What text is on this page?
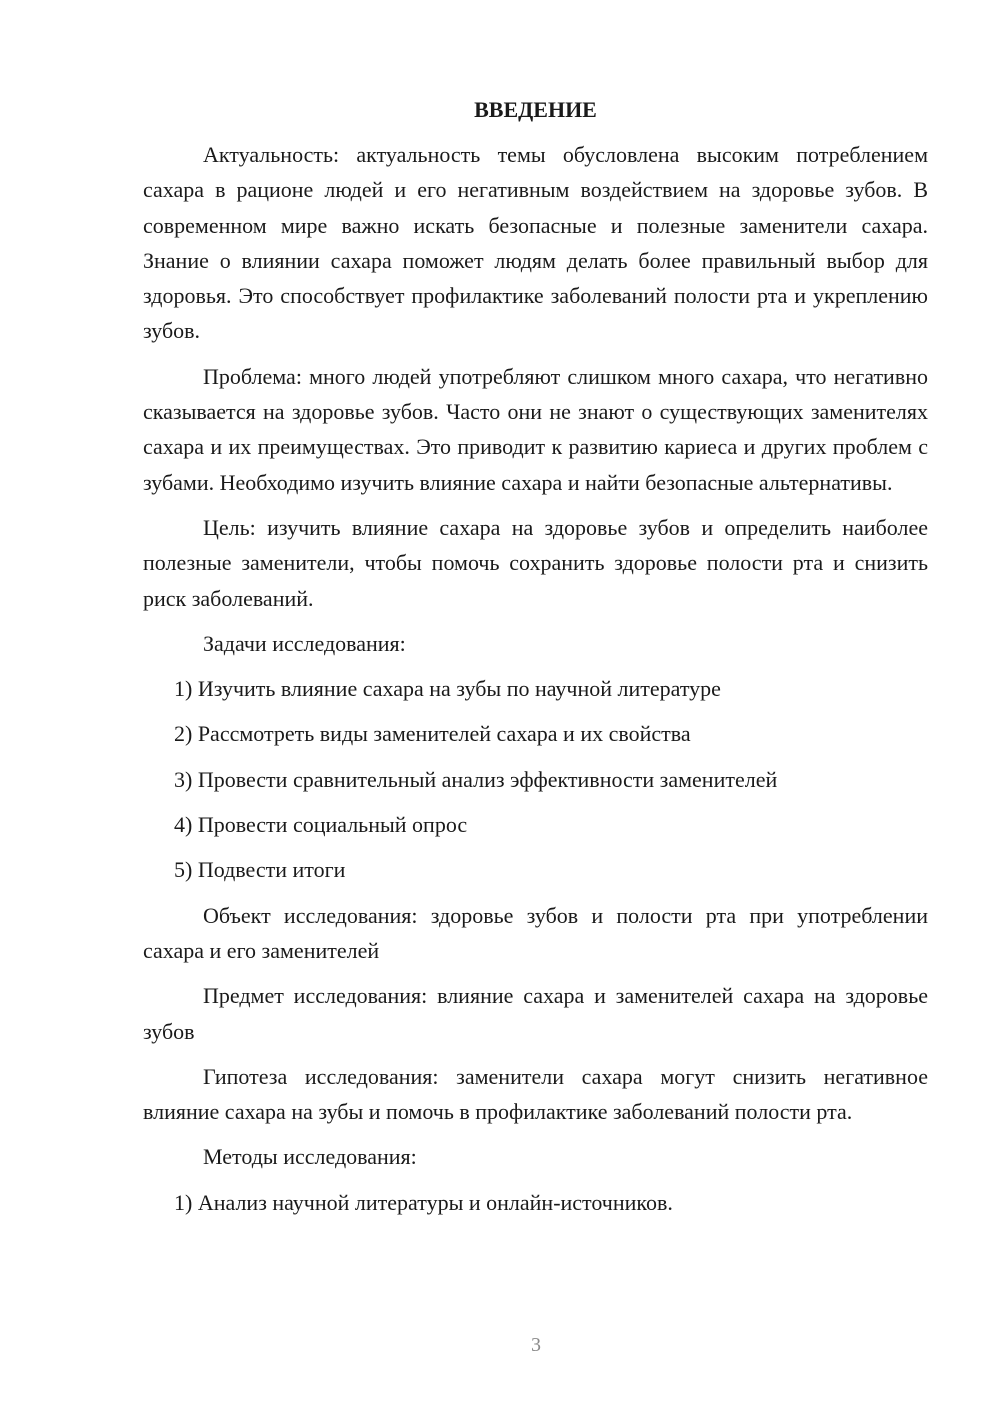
ВВЕДЕНИЕ

Актуальность: актуальность темы обусловлена высоким потреблением сахара в рационе людей и его негативным воздействием на здоровье зубов. В современном мире важно искать безопасные и полезные заменители сахара. Знание о влиянии сахара поможет людям делать более правильный выбор для здоровья. Это способствует профилактике заболеваний полости рта и укреплению зубов.

Проблема: много людей употребляют слишком много сахара, что негативно сказывается на здоровье зубов. Часто они не знают о существующих заменителях сахара и их преимуществах. Это приводит к развитию кариеса и других проблем с зубами. Необходимо изучить влияние сахара и найти безопасные альтернативы.

Цель: изучить влияние сахара на здоровье зубов и определить наиболее полезные заменители, чтобы помочь сохранить здоровье полости рта и снизить риск заболеваний.

Задачи исследования:

1) Изучить влияние сахара на зубы по научной литературе
2) Рассмотреть виды заменителей сахара и их свойства
3) Провести сравнительный анализ эффективности заменителей
4) Провести социальный опрос
5) Подвести итоги

Объект исследования: здоровье зубов и полости рта при употреблении сахара и его заменителей

Предмет исследования: влияние сахара и заменителей сахара на здоровье зубов

Гипотеза исследования: заменители сахара могут снизить негативное влияние сахара на зубы и помочь в профилактике заболеваний полости рта.

Методы исследования:

1) Анализ научной литературы и онлайн-источников.
3
